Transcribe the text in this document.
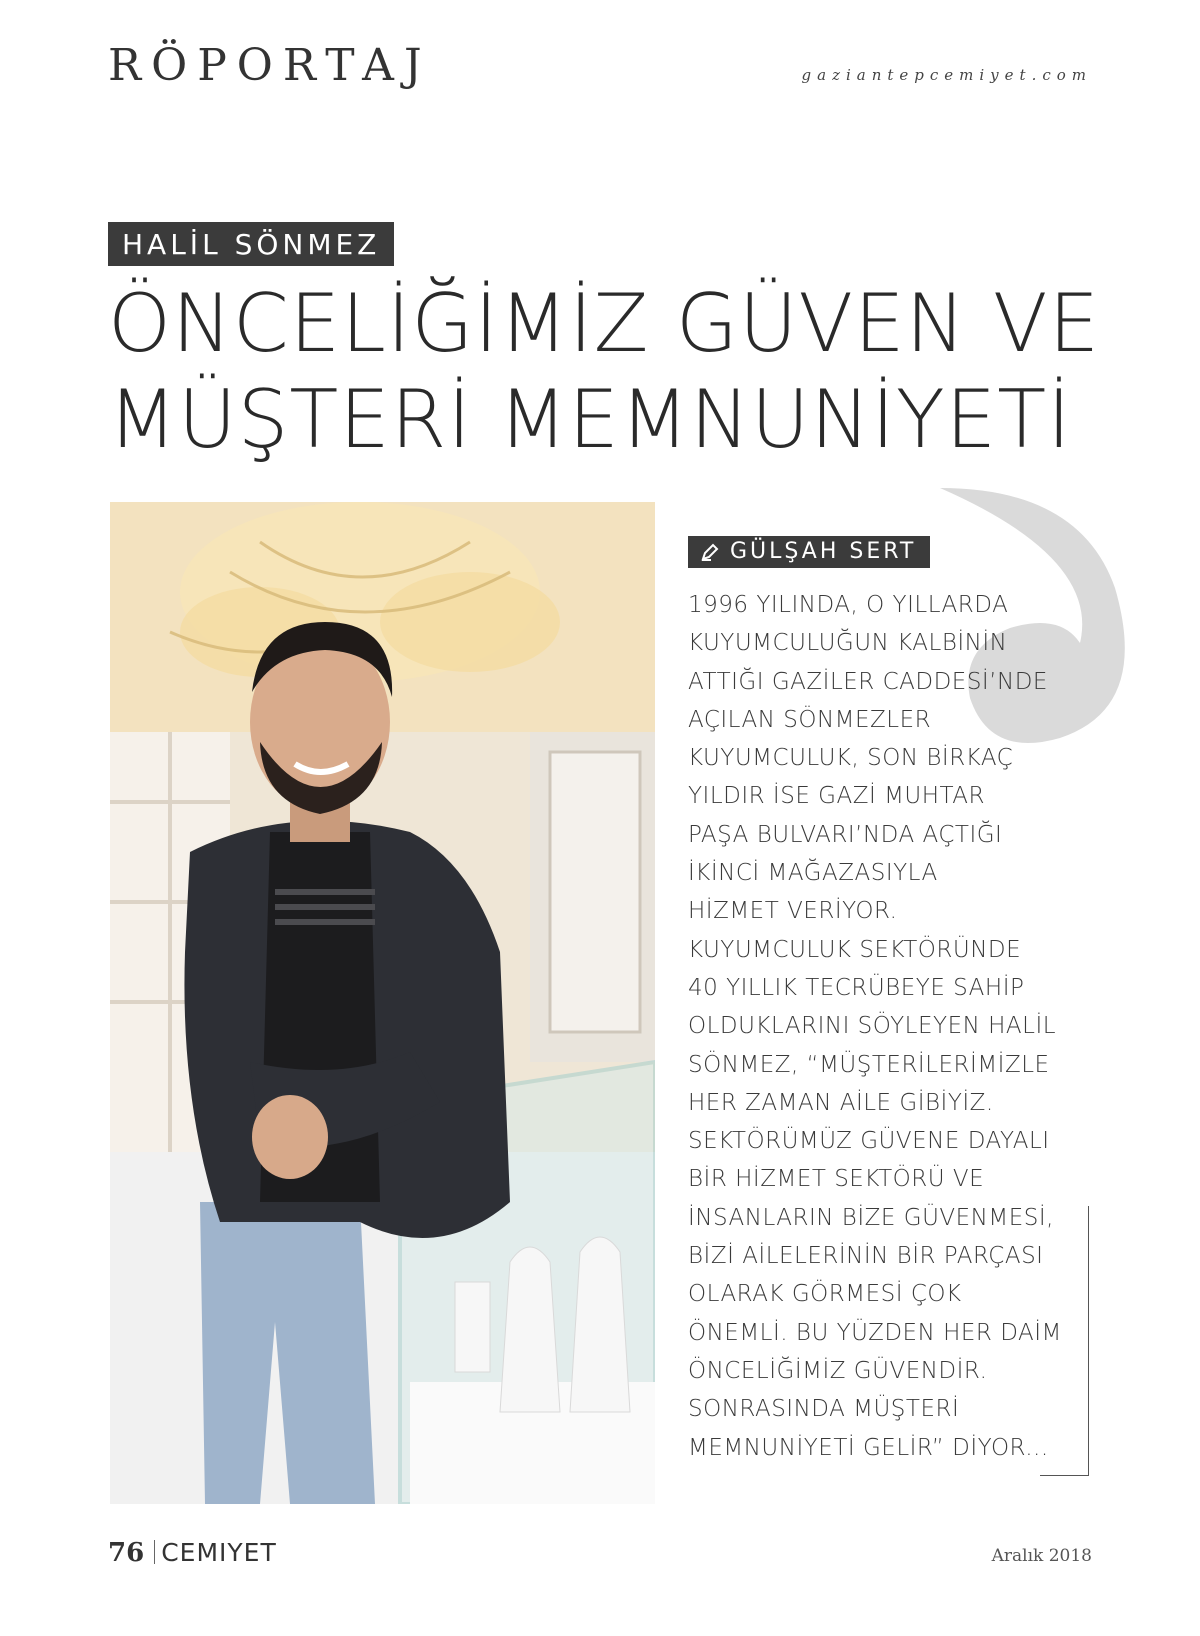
RÖPORTAJ	gaziantepcemiyet.com
HALİL SÖNMEZ
ÖNCELİĞİMİZ GÜVEN VE
MÜŞTERİ MEMNUNİYETİ
GÜLŞAH SERT
1996 YILINDA, O YILLARDA
KUYUMCULUĞUN KALBİNİN
ATTIĞI GAZİLER CADDESİ’NDE
AÇILAN SÖNMEZLER
KUYUMCULUK, SON BİRKAÇ
YILDIR İSE GAZİ MUHTAR
PAŞA BULVARI’NDA AÇTIĞI
İKİNCİ MAĞAZASIYLA
HİZMET VERİYOR.
KUYUMCULUK SEKTÖRÜNDE
40 YILLIK TECRÜBEYE SAHİP
OLDUKLARINI SÖYLEYEN HALİL
SÖNMEZ, “MÜŞTERİLERİMİZLE
HER ZAMAN AİLE GİBİYİZ.
SEKTÖRÜMÜZ GÜVENE DAYALI
BİR HİZMET SEKTÖRÜ VE
İNSANLARIN BİZE GÜVENMESİ,
BİZİ AİLELERİNİN BİR PARÇASI
OLARAK GÖRMESİ ÇOK
ÖNEMLİ. BU YÜZDEN HER DAİM
ÖNCELİĞİMİZ GÜVENDİR.
SONRASINDA MÜŞTERİ
MEMNUNİYETİ GELİR” DİYOR...
76 CEMIYET	Aralık 2018
